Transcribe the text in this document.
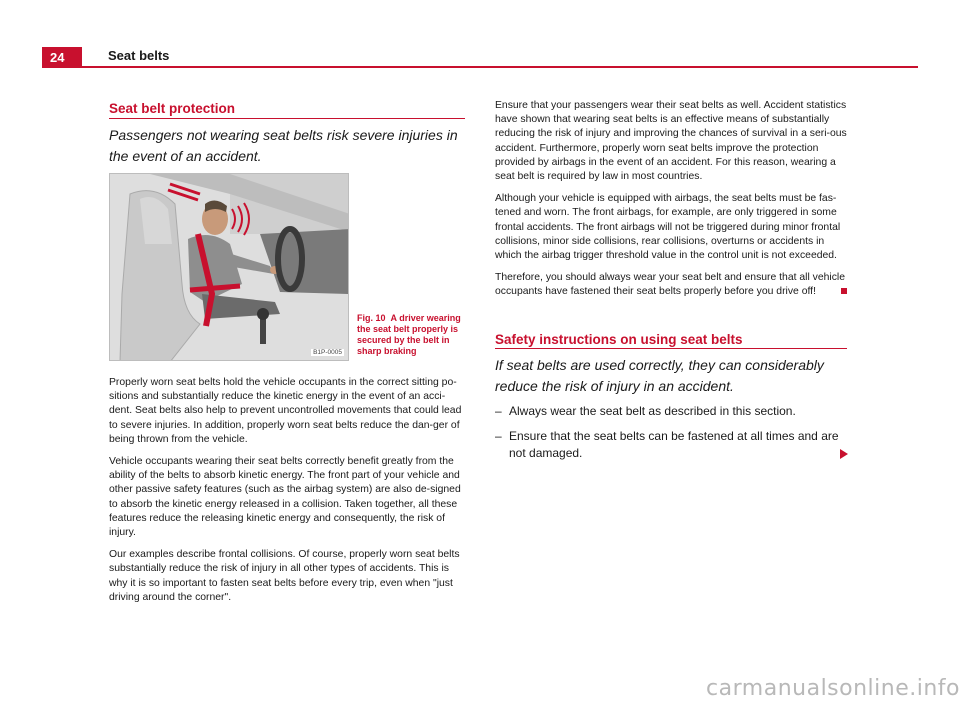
24	Seat belts
Seat belt protection
Passengers not wearing seat belts risk severe injuries in the event of an accident.
B1P-0005
Fig. 10 A driver wearing the seat belt properly is secured by the belt in sharp braking

Properly worn seat belts hold the vehicle occupants in the correct sitting po-sitions and substantially reduce the kinetic energy in the event of an acci-dent. Seat belts also help to prevent uncontrolled movements that could lead to severe injuries. In addition, properly worn seat belts reduce the dan-ger of being thrown from the vehicle.

Vehicle occupants wearing their seat belts correctly benefit greatly from the ability of the belts to absorb kinetic energy. The front part of your vehicle and other passive safety features (such as the airbag system) are also de-signed to absorb the kinetic energy released in a collision. Taken together, all these features reduce the releasing kinetic energy and consequently, the risk of injury.

Our examples describe frontal collisions. Of course, properly worn seat belts substantially reduce the risk of injury in all other types of accidents. This is why it is so important to fasten seat belts before every trip, even when "just driving around the corner".

Ensure that your passengers wear their seat belts as well. Accident statistics have shown that wearing seat belts is an effective means of substantially reducing the risk of injury and improving the chances of survival in a seri-ous accident. Furthermore, properly worn seat belts improve the protection provided by airbags in the event of an accident. For this reason, wearing a seat belt is required by law in most countries.

Although your vehicle is equipped with airbags, the seat belts must be fas-tened and worn. The front airbags, for example, are only triggered in some frontal accidents. The front airbags will not be triggered during minor frontal collisions, minor side collisions, rear collisions, overturns or accidents in which the airbag trigger threshold value in the control unit is not exceeded.

Therefore, you should always wear your seat belt and ensure that all vehicle occupants have fastened their seat belts properly before you drive off!

Safety instructions on using seat belts
If seat belts are used correctly, they can considerably reduce the risk of injury in an accident.
– Always wear the seat belt as described in this section.
– Ensure that the seat belts can be fastened at all times and are not damaged.
carmanualsonline.info
